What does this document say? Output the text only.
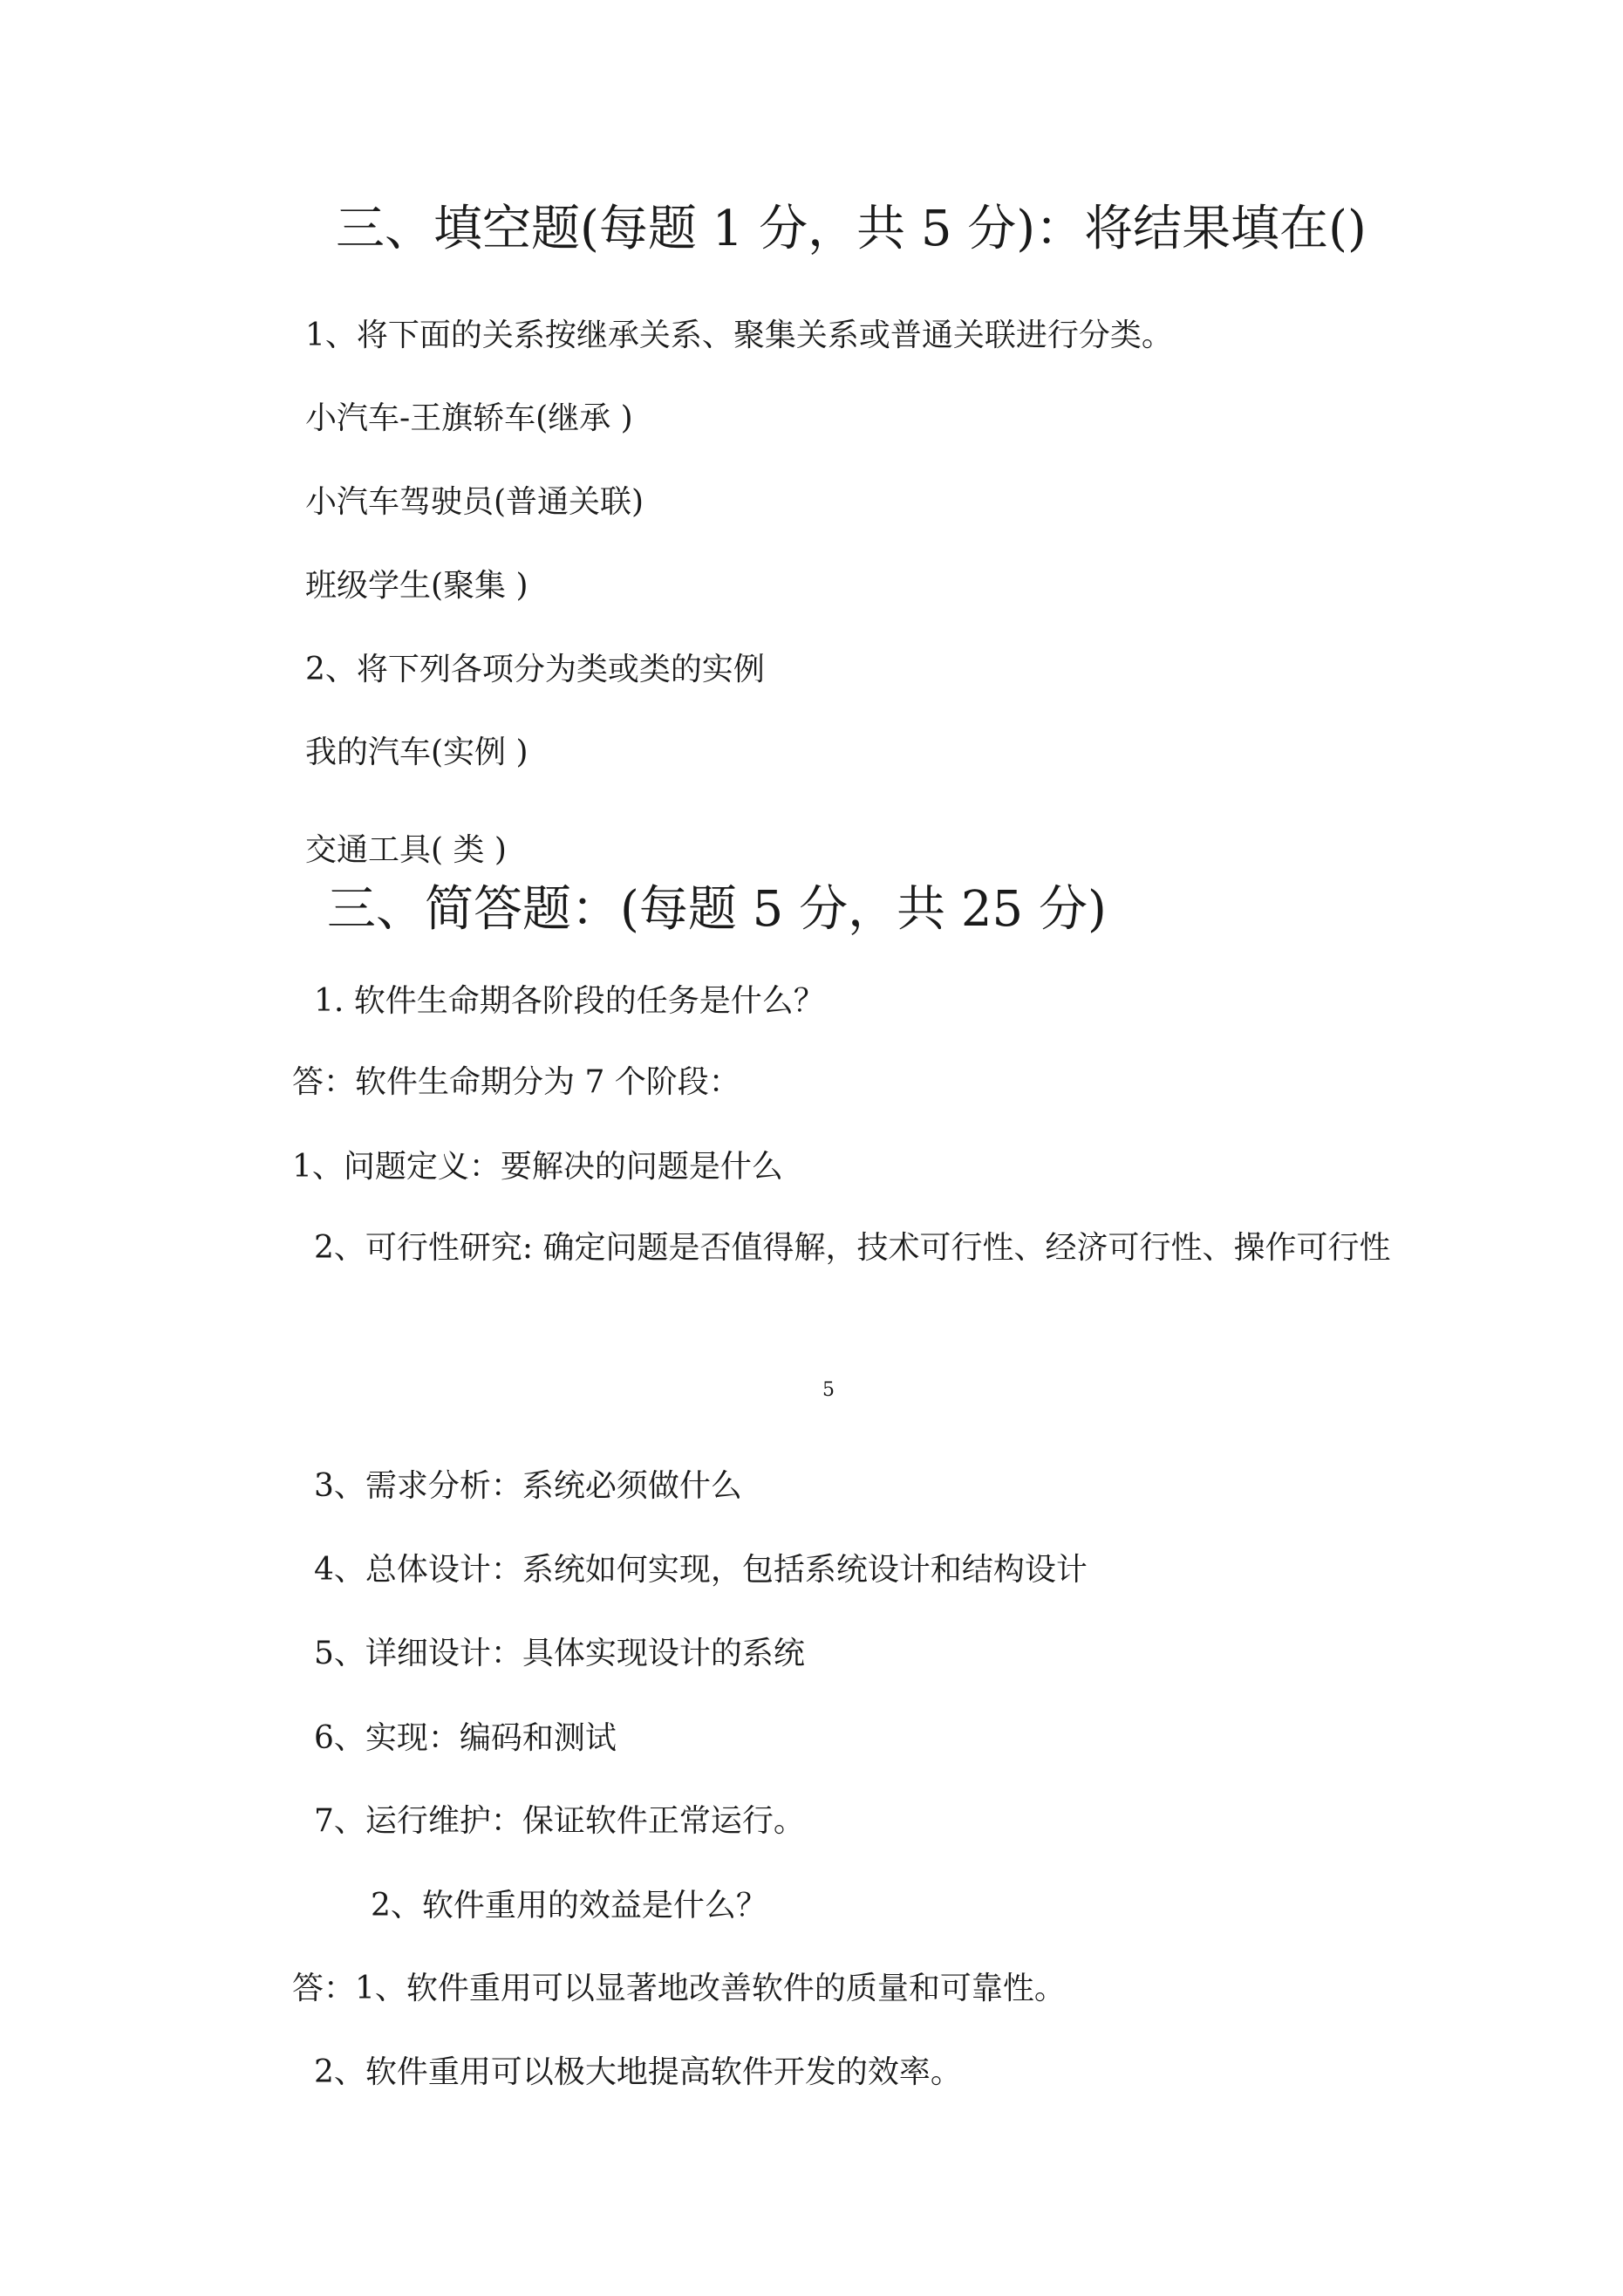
三、填空题(每题 1 分，共 5 分)：将结果填在()
1、将下面的关系按继承关系、聚集关系或普通关联进行分类。
小汽车-王旗轿车(继承 )
小汽车驾驶员(普通关联)
班级学生(聚集 )
2、将下列各项分为类或类的实例
我的汽车(实例 )
交通工具( 类 )
三、简答题：(每题 5 分，共 25 分)
1. 软件生命期各阶段的任务是什么？
答：软件生命期分为 7 个阶段：
1、问题定义：要解决的问题是什么
2、可行性研究: 确定问题是否值得解，技术可行性、经济可行性、操作可行性
5
3、需求分析：系统必须做什么
4、总体设计：系统如何实现，包括系统设计和结构设计
5、详细设计：具体实现设计的系统
6、实现：编码和测试
7、运行维护：保证软件正常运行。
2、软件重用的效益是什么？
答：1、软件重用可以显著地改善软件的质量和可靠性。
2、软件重用可以极大地提高软件开发的效率。
